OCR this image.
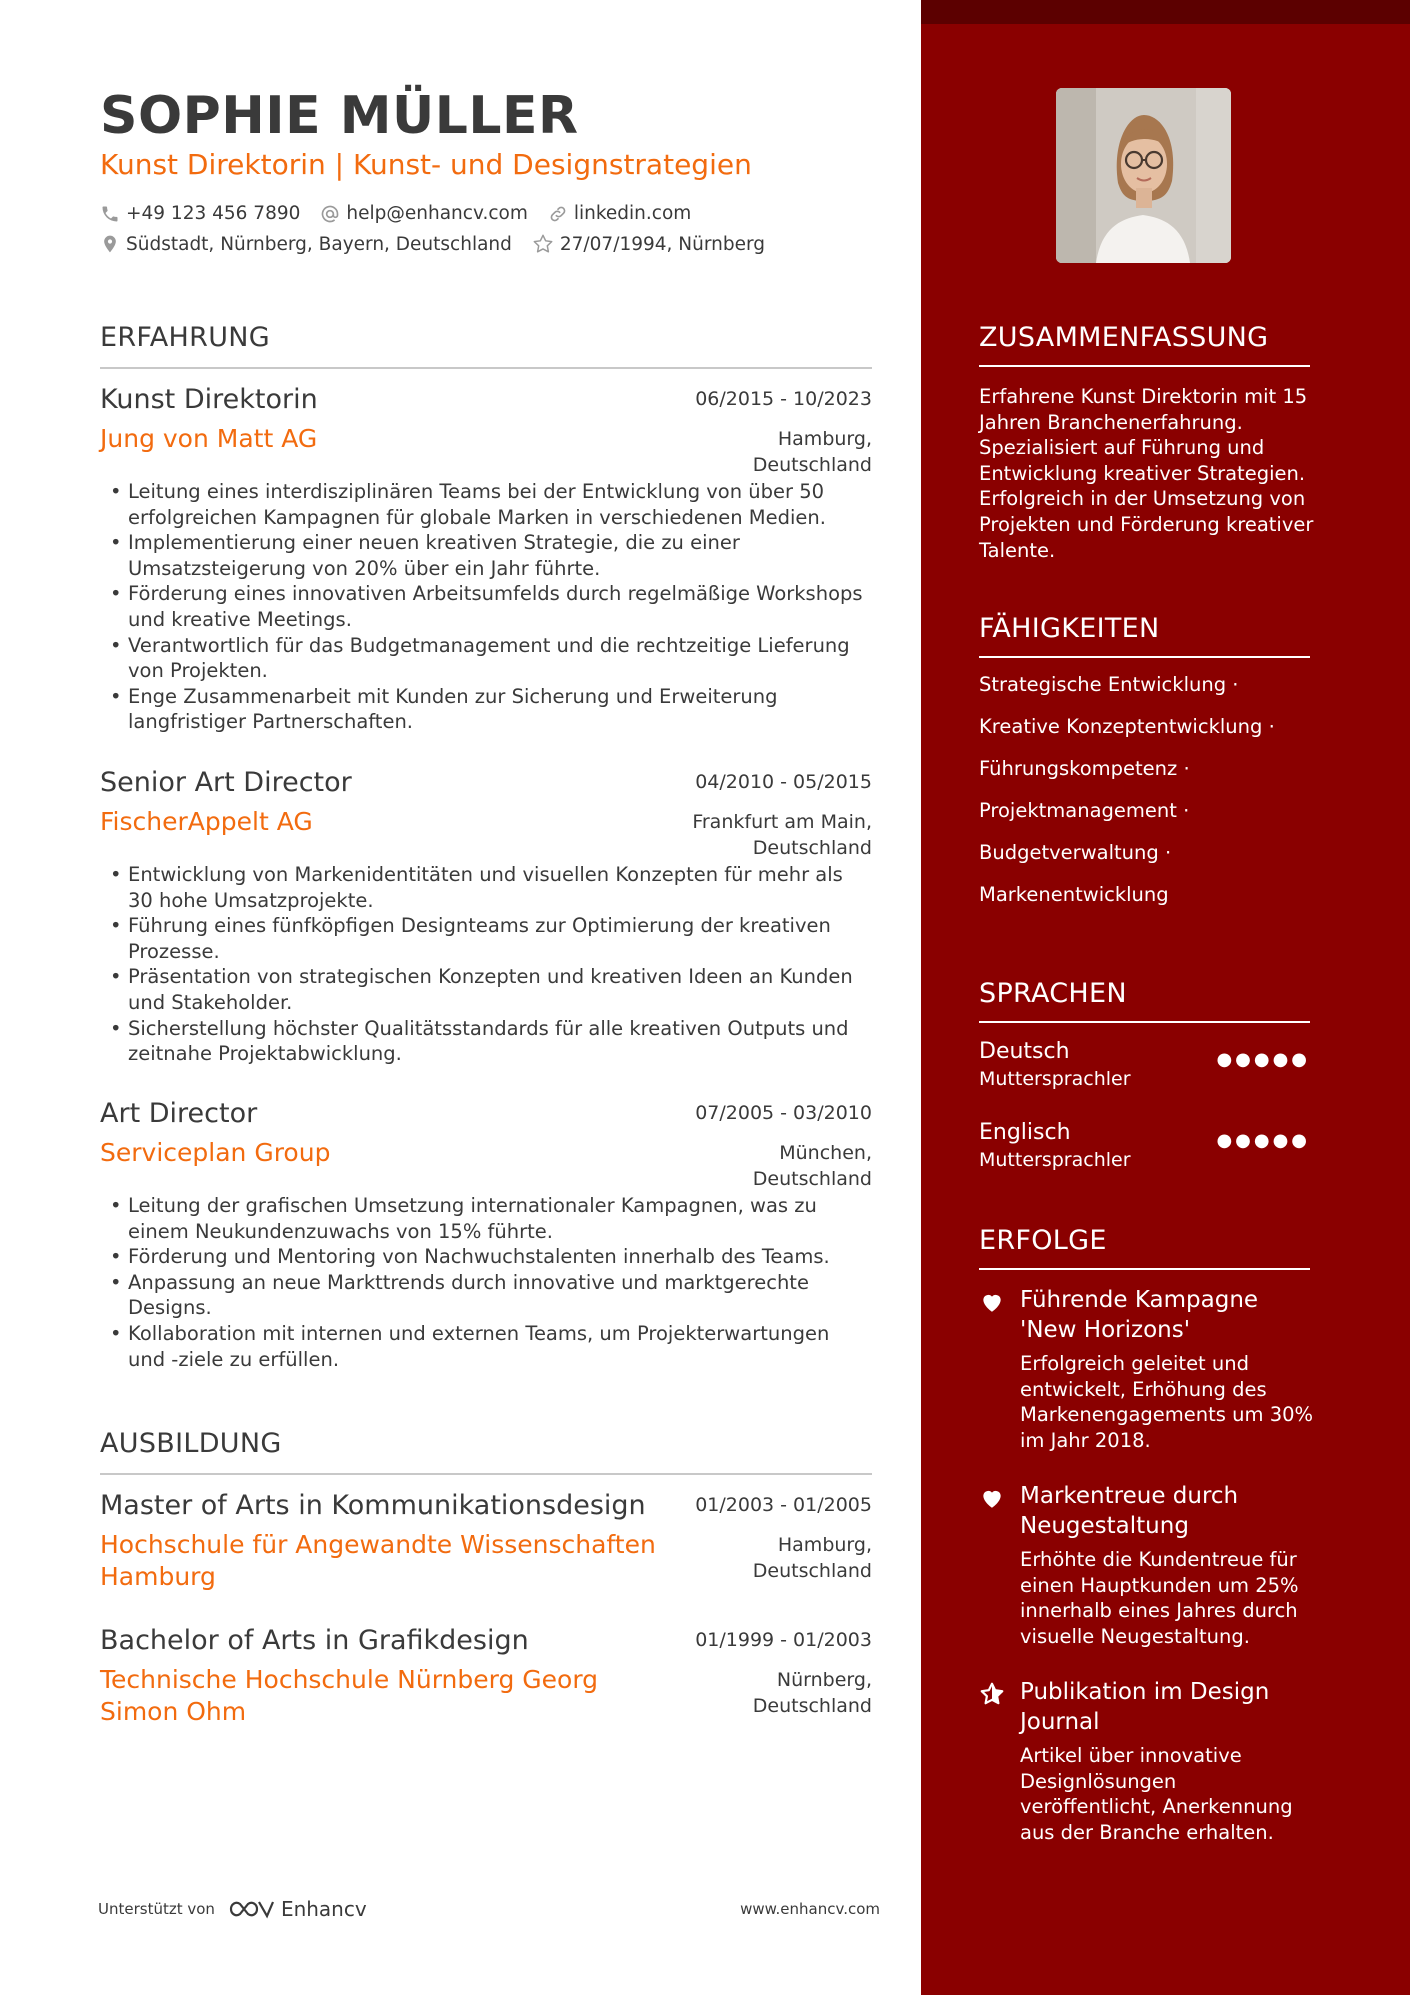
SOPHIE MÜLLER
Kunst Direktorin | Kunst- und Designstrategien
+49 123 456 7890 help@enhancv.com linkedin.com
Südstadt, Nürnberg, Bayern, Deutschland	27/07/1994, Nürnberg
ERFAHRUNG
Kunst Direktorin	06/2015 - 10/2023
Jung von Matt AG	Hamburg,
Deutschland
• Leitung eines interdisziplinären Teams bei der Entwicklung von über 50 erfolgreichen Kampagnen für globale Marken in verschiedenen Medien.
• Implementierung einer neuen kreativen Strategie, die zu einer Umsatzsteigerung von 20% über ein Jahr führte.
• Förderung eines innovativen Arbeitsumfelds durch regelmäßige Workshops und kreative Meetings.
• Verantwortlich für das Budgetmanagement und die rechtzeitige Lieferung von Projekten.
• Enge Zusammenarbeit mit Kunden zur Sicherung und Erweiterung langfristiger Partnerschaften.
Senior Art Director	04/2010 - 05/2015
FischerAppelt AG	Frankfurt am Main,
Deutschland
• Entwicklung von Markenidentitäten und visuellen Konzepten für mehr als 30 hohe Umsatzprojekte.
• Führung eines fünfköpfigen Designteams zur Optimierung der kreativen Prozesse.
• Präsentation von strategischen Konzepten und kreativen Ideen an Kunden und Stakeholder.
• Sicherstellung höchster Qualitätsstandards für alle kreativen Outputs und zeitnahe Projektabwicklung.
Art Director	07/2005 - 03/2010
Serviceplan Group	München,
Deutschland
• Leitung der grafischen Umsetzung internationaler Kampagnen, was zu einem Neukundenzuwachs von 15% führte.
• Förderung und Mentoring von Nachwuchstalenten innerhalb des Teams.
• Anpassung an neue Markttrends durch innovative und marktgerechte Designs.
• Kollaboration mit internen und externen Teams, um Projekterwartungen und -ziele zu erfüllen.
AUSBILDUNG
Master of Arts in Kommunikationsdesign	01/2003 - 01/2005
Hochschule für Angewandte Wissenschaften
Hamburg
Hamburg,
Deutschland
Bachelor of Arts in Grafikdesign	01/1999 - 01/2003
Technische Hochschule Nürnberg Georg
Simon Ohm
Nürnberg,
Deutschland
Unterstützt von	Enhancv	www.enhancv.com
ZUSAMMENFASSUNG
Erfahrene Kunst Direktorin mit 15 Jahren Branchenerfahrung. Spezialisiert auf Führung und Entwicklung kreativer Strategien. Erfolgreich in der Umsetzung von Projekten und Förderung kreativer Talente.
FÄHIGKEITEN
Strategische Entwicklung ·
Kreative Konzeptentwicklung ·
Führungskompetenz ·
Projektmanagement ·
Budgetverwaltung ·
Markenentwicklung
SPRACHEN
Deutsch
Muttersprachler
●●●●●
Englisch
Muttersprachler
●●●●●
ERFOLGE
Führende Kampagne 'New Horizons'
Erfolgreich geleitet und entwickelt, Erhöhung des Markenengagements um 30% im Jahr 2018.
Markentreue durch Neugestaltung
Erhöhte die Kundentreue für einen Hauptkunden um 25% innerhalb eines Jahres durch visuelle Neugestaltung.
Publikation im Design Journal
Artikel über innovative Designlösungen veröffentlicht, Anerkennung aus der Branche erhalten.
